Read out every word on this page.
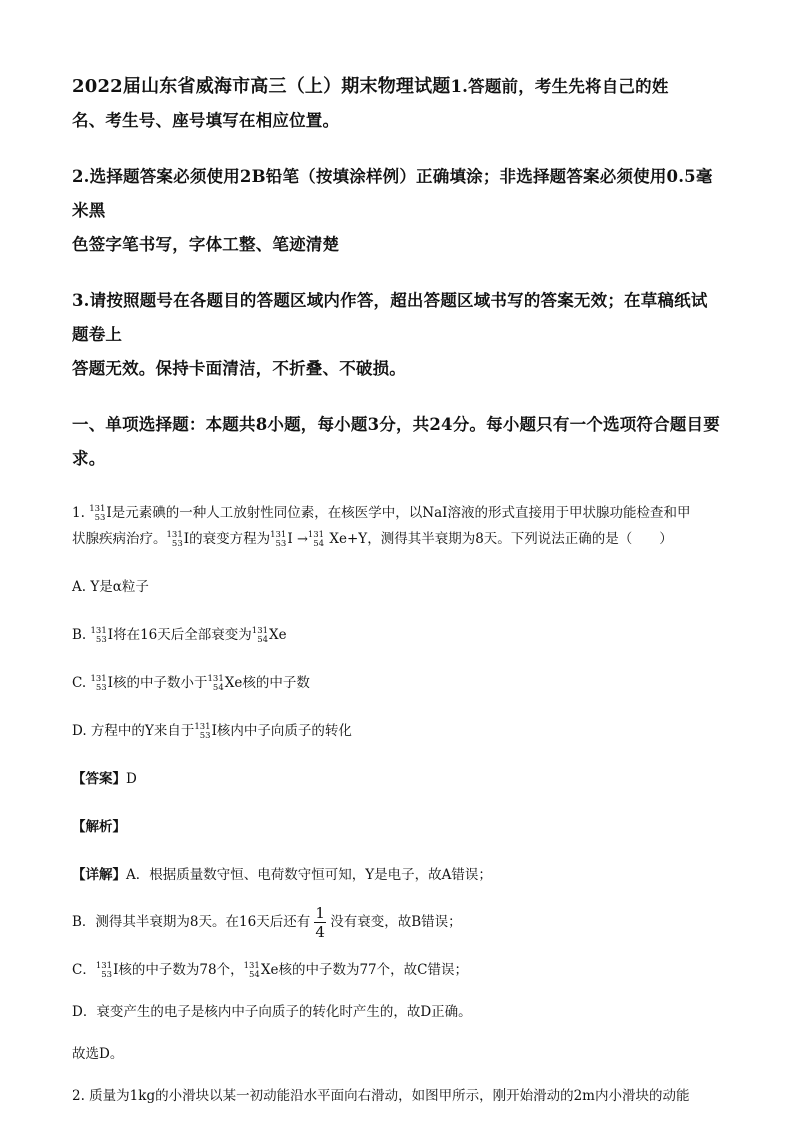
2022届山东省威海市高三（上）期末物理试题1.答题前，考生先将自己的姓
名、考生号、座号填写在相应位置。
2.选择题答案必须使用2B铅笔（按填涂样例）正确填涂；非选择题答案必须使用0.5毫米黑
色签字笔书写，字体工整、笔迹清楚
3.请按照题号在各题目的答题区域内作答，超出答题区域书写的答案无效；在草稿纸试题卷上
答题无效。保持卡面清洁，不折叠、不破损。
一、单项选择题：本题共8小题，每小题3分，共24分。每小题只有一个选项符合题目要求。
1. 131
53 I是元素碘的一种人工放射性同位素，在核医学中，以NaI溶液的形式直接用于甲状腺功能检查和甲
状腺疾病治疗。 131
53 I的衰变方程为 131
53 I → 131
54 Xe+Y，测得其半衰期为8天。下列说法正确的是（　　）
A. Y是α粒子
B. 131
53 I将在16天后全部衰变为 131
54 Xe
C. 131
53 I核的中子数小于 131
54 Xe核的中子数
D. 方程中的Y来自于 131
53 I核内中子向质子的转化
【答案】D
【解析】
【详解】A．根据质量数守恒、电荷数守恒可知，Y是电子，故A错误；
B．测得其半衰期为8天。在16天后还有 $\frac{1}{4}$ 没有衰变，故B错误；
C． 131
53 I核的中子数为78个， 131
54 Xe核的中子数为77个，故C错误；
D．衰变产生的电子是核内中子向质子的转化时产生的，故D正确。
故选D。
2. 质量为1kg的小滑块以某一初动能沿水平面向右滑动，如图甲所示，刚开始滑动的2m内小滑块的动能
